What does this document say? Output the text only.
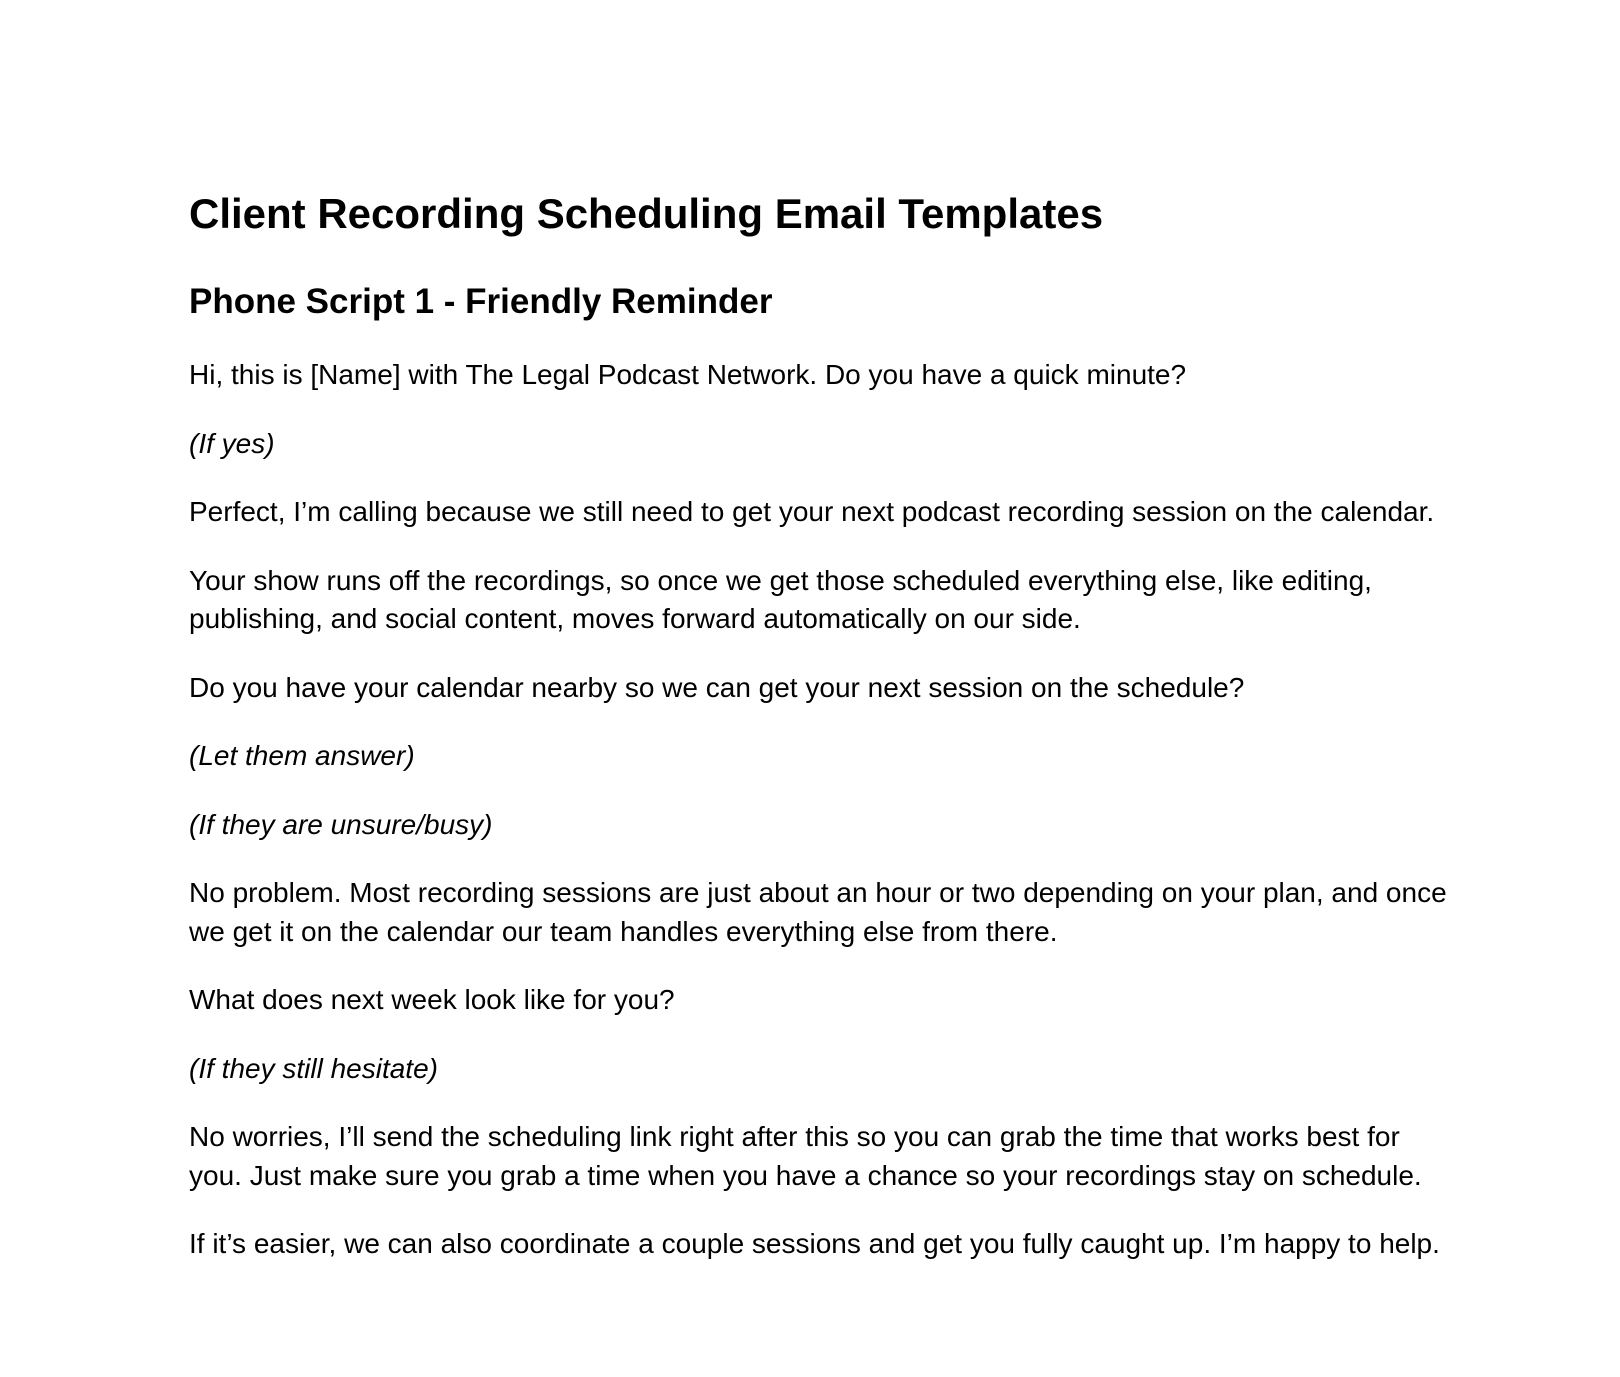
Client Recording Scheduling Email Templates
Phone Script 1 - Friendly Reminder

Hi, this is [Name] with The Legal Podcast Network. Do you have a quick minute?

(If yes)

Perfect, I’m calling because we still need to get your next podcast recording session on the calendar.

Your show runs off the recordings, so once we get those scheduled everything else, like editing, publishing, and social content, moves forward automatically on our side.

Do you have your calendar nearby so we can get your next session on the schedule?

(Let them answer)

(If they are unsure/busy)

No problem. Most recording sessions are just about an hour or two depending on your plan, and once we get it on the calendar our team handles everything else from there.

What does next week look like for you?

(If they still hesitate)

No worries, I’ll send the scheduling link right after this so you can grab the time that works best for you. Just make sure you grab a time when you have a chance so your recordings stay on schedule.

If it’s easier, we can also coordinate a couple sessions and get you fully caught up. I’m happy to help.
